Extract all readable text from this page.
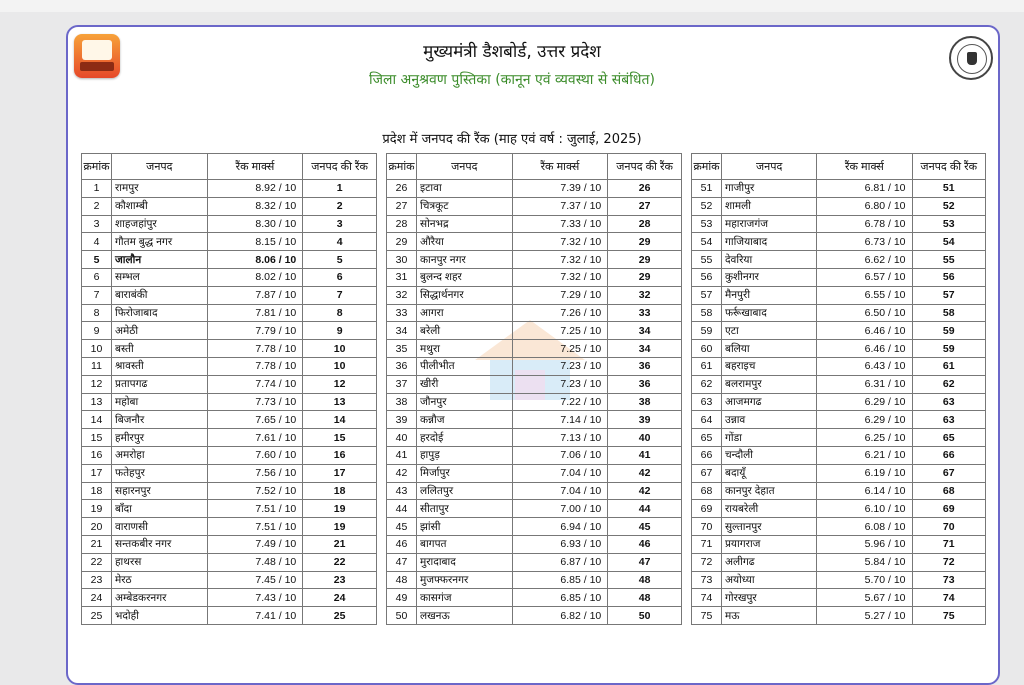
मुख्यमंत्री डैशबोर्ड, उत्तर प्रदेश
जिला अनुश्रवण पुस्तिका (कानून एवं व्यवस्था से संबंधित)
प्रदेश में जनपद की रैंक (माह एवं वर्ष : जुलाई, 2025)
क्रमांक	जनपद	रैंक मार्क्स	जनपद की रैंक
1	रामपुर	8.92 / 10	1
2	कौशाम्बी	8.32 / 10	2
3	शाहजहांपुर	8.30 / 10	3
4	गौतम बुद्ध नगर	8.15 / 10	4
5	जालौन	8.06 / 10	5
6	सम्भल	8.02 / 10	6
7	बाराबंकी	7.87 / 10	7
8	फिरोजाबाद	7.81 / 10	8
9	अमेठी	7.79 / 10	9
10	बस्ती	7.78 / 10	10
11	श्रावस्ती	7.78 / 10	10
12	प्रतापगढ	7.74 / 10	12
13	महोबा	7.73 / 10	13
14	बिजनौर	7.65 / 10	14
15	हमीरपुर	7.61 / 10	15
16	अमरोहा	7.60 / 10	16
17	फतेहपुर	7.56 / 10	17
18	सहारनपुर	7.52 / 10	18
19	बाँदा	7.51 / 10	19
20	वाराणसी	7.51 / 10	19
21	सन्तकबीर नगर	7.49 / 10	21
22	हाथरस	7.48 / 10	22
23	मेरठ	7.45 / 10	23
24	अम्बेडकरनगर	7.43 / 10	24
25	भदोही	7.41 / 10	25
क्रमांक	जनपद	रैंक मार्क्स	जनपद की रैंक
26	इटावा	7.39 / 10	26
27	चित्रकूट	7.37 / 10	27
28	सोनभद्र	7.33 / 10	28
29	औरैया	7.32 / 10	29
30	कानपुर नगर	7.32 / 10	29
31	बुलन्द शहर	7.32 / 10	29
32	सिद्धार्थनगर	7.29 / 10	32
33	आगरा	7.26 / 10	33
34	बरेली	7.25 / 10	34
35	मथुरा	7.25 / 10	34
36	पीलीभीत	7.23 / 10	36
37	खीरी	7.23 / 10	36
38	जौनपुर	7.22 / 10	38
39	कन्नौज	7.14 / 10	39
40	हरदोई	7.13 / 10	40
41	हापुड़	7.06 / 10	41
42	मिर्जापुर	7.04 / 10	42
43	ललितपुर	7.04 / 10	42
44	सीतापुर	7.00 / 10	44
45	झांसी	6.94 / 10	45
46	बागपत	6.93 / 10	46
47	मुरादाबाद	6.87 / 10	47
48	मुजफ्फरनगर	6.85 / 10	48
49	कासगंज	6.85 / 10	48
50	लखनऊ	6.82 / 10	50
क्रमांक	जनपद	रैंक मार्क्स	जनपद की रैंक
51	गाजीपुर	6.81 / 10	51
52	शामली	6.80 / 10	52
53	महाराजगंज	6.78 / 10	53
54	गाजियाबाद	6.73 / 10	54
55	देवरिया	6.62 / 10	55
56	कुशीनगर	6.57 / 10	56
57	मैनपुरी	6.55 / 10	57
58	फर्रूखाबाद	6.50 / 10	58
59	एटा	6.46 / 10	59
60	बलिया	6.46 / 10	59
61	बहराइच	6.43 / 10	61
62	बलरामपुर	6.31 / 10	62
63	आजमगढ	6.29 / 10	63
64	उन्नाव	6.29 / 10	63
65	गोंडा	6.25 / 10	65
66	चन्दौली	6.21 / 10	66
67	बदायूँ	6.19 / 10	67
68	कानपुर देहात	6.14 / 10	68
69	रायबरेली	6.10 / 10	69
70	सुल्तानपुर	6.08 / 10	70
71	प्रयागराज	5.96 / 10	71
72	अलीगढ	5.84 / 10	72
73	अयोध्या	5.70 / 10	73
74	गोरखपुर	5.67 / 10	74
75	मऊ	5.27 / 10	75
